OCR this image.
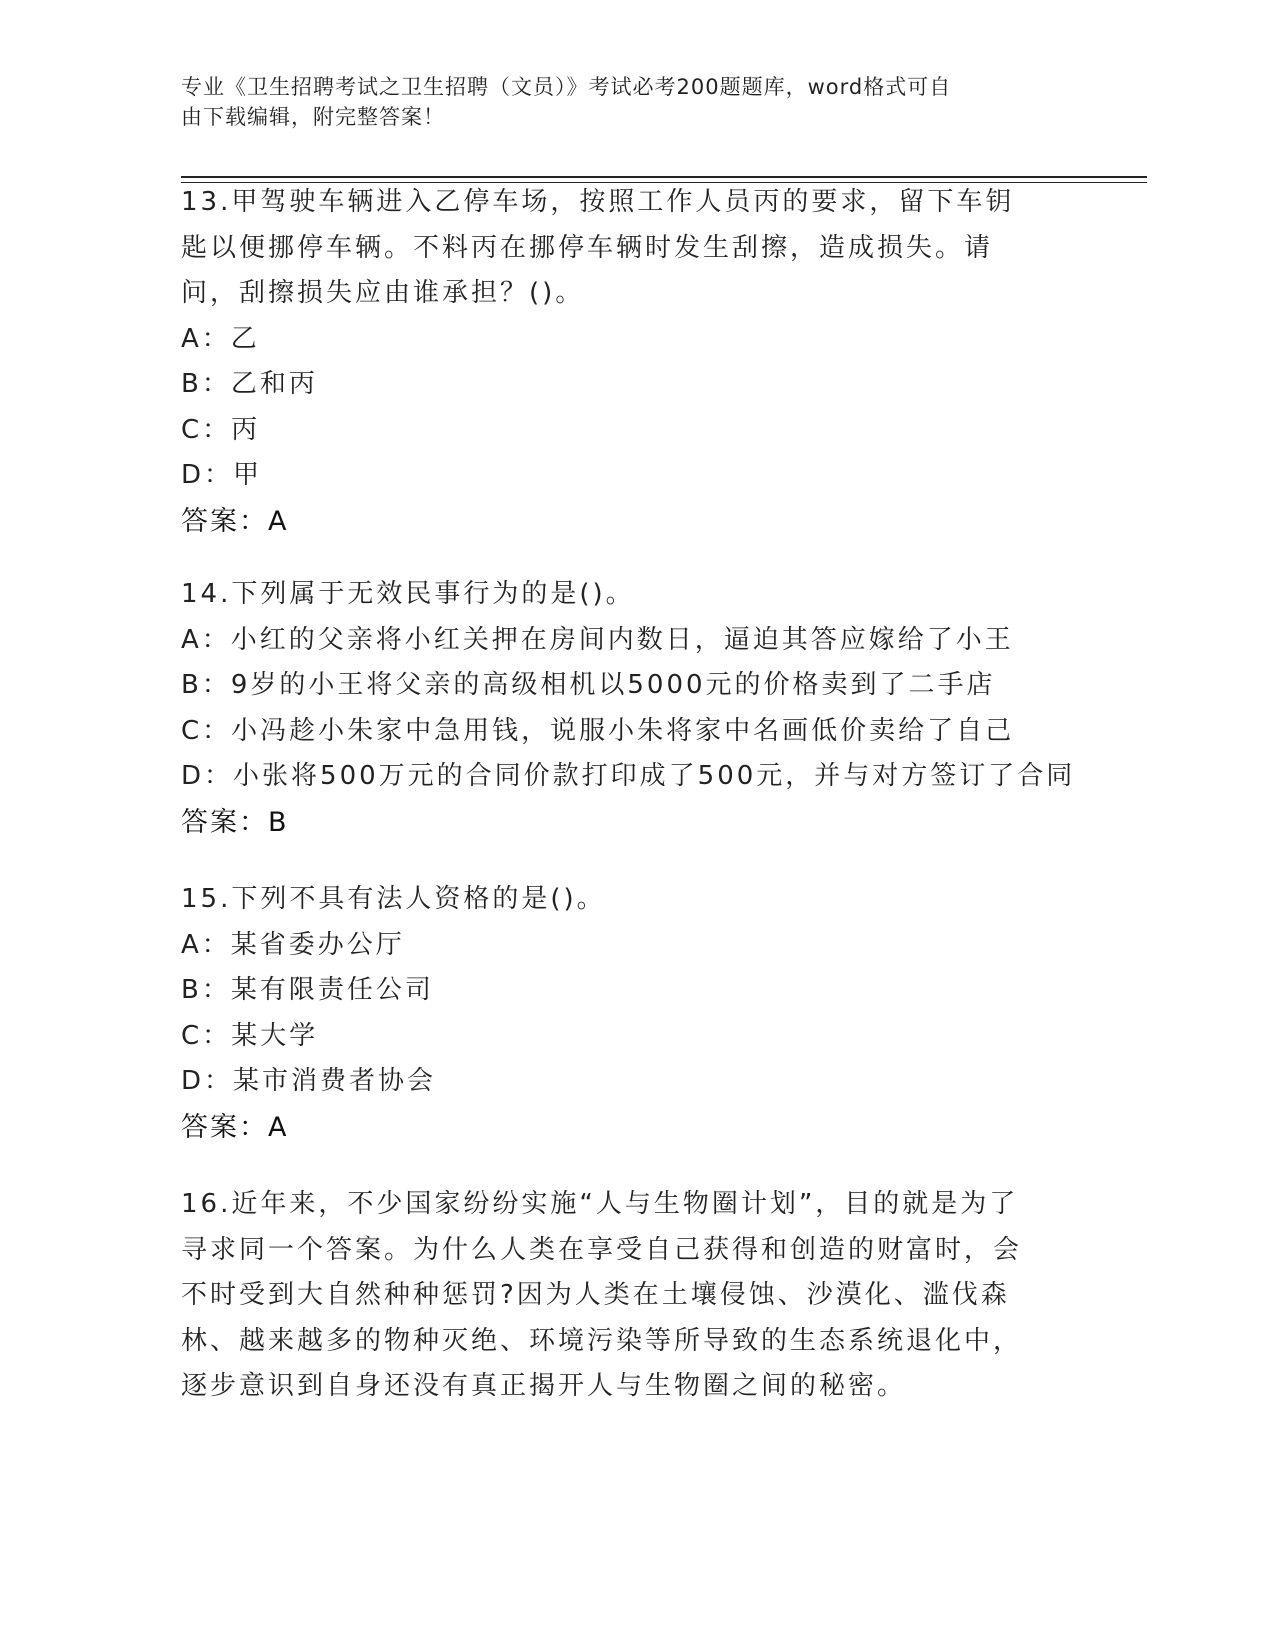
专业《卫生招聘考试之卫生招聘（文员）》考试必考200题题库，word格式可自
由下载编辑，附完整答案！

13.甲驾驶车辆进入乙停车场，按照工作人员丙的要求，留下车钥匙以便挪停车辆。不料丙在挪停车辆时发生刮擦，造成损失。请问，刮擦损失应由谁承担？()。

A：乙

B：乙和丙

C：丙

D：甲

答案：A

14.下列属于无效民事行为的是()。

A：小红的父亲将小红关押在房间内数日，逼迫其答应嫁给了小王

B：9岁的小王将父亲的高级相机以5000元的价格卖到了二手店

C：小冯趁小朱家中急用钱，说服小朱将家中名画低价卖给了自己

D：小张将500万元的合同价款打印成了500元，并与对方签订了合同

答案：B

15.下列不具有法人资格的是()。

A：某省委办公厅

B：某有限责任公司

C：某大学

D：某市消费者协会

答案：A

16.近年来，不少国家纷纷实施“人与生物圈计划”，目的就是为了寻求同一个答案。为什么人类在享受自己获得和创造的财富时，会不时受到大自然种种惩罚?因为人类在土壤侵蚀、沙漠化、滥伐森林、越来越多的物种灭绝、环境污染等所导致的生态系统退化中，逐步意识到自身还没有真正揭开人与生物圈之间的秘密。
